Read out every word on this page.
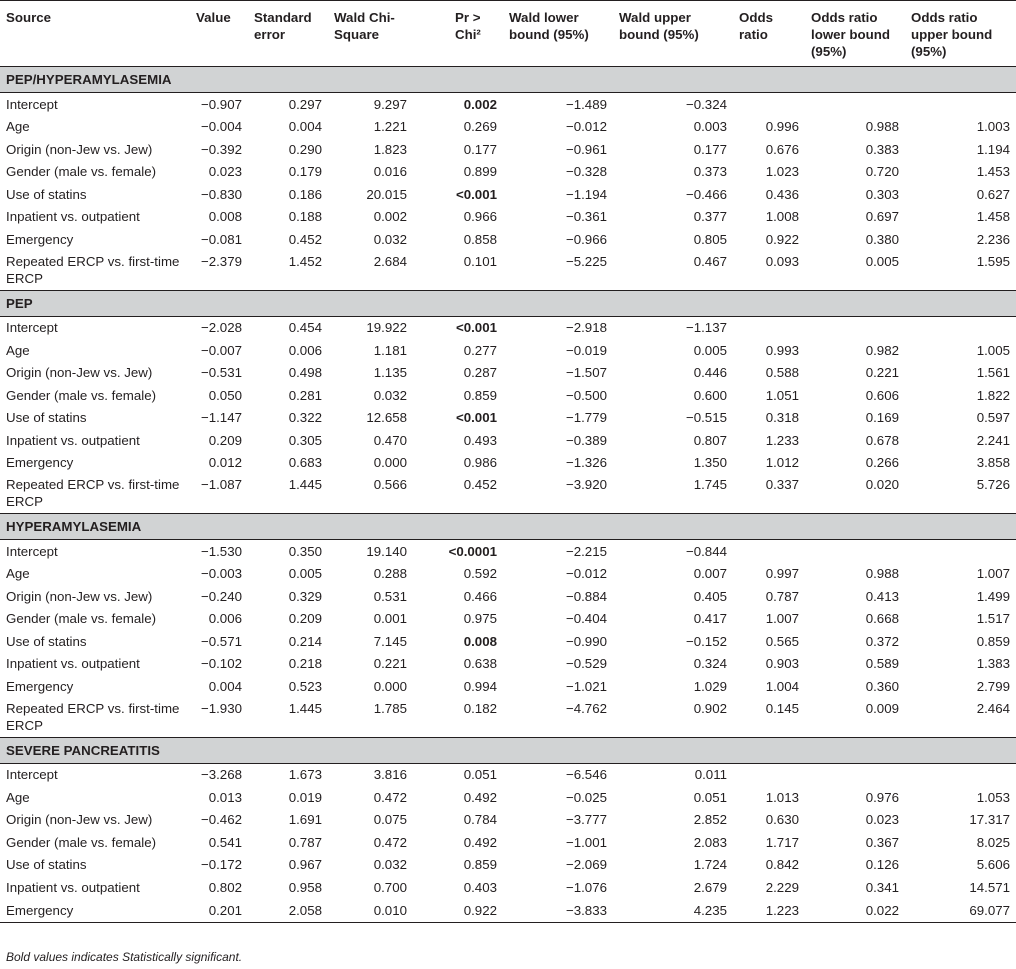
Source	Value	Standard error	Wald Chi-Square	Pr > Chi²	Wald lower bound (95%)	Wald upper bound (95%)	Odds ratio	Odds ratio lower bound (95%)	Odds ratio upper bound (95%)
PEP/HYPERAMYLASEMIA									
Intercept	−0.907	0.297	9.297	0.002	−1.489	−0.324			
Age	−0.004	0.004	1.221	0.269	−0.012	0.003	0.996	0.988	1.003
Origin (non-Jew vs. Jew)	−0.392	0.290	1.823	0.177	−0.961	0.177	0.676	0.383	1.194
Gender (male vs. female)	0.023	0.179	0.016	0.899	−0.328	0.373	1.023	0.720	1.453
Use of statins	−0.830	0.186	20.015	<0.001	−1.194	−0.466	0.436	0.303	0.627
Inpatient vs. outpatient	0.008	0.188	0.002	0.966	−0.361	0.377	1.008	0.697	1.458
Emergency	−0.081	0.452	0.032	0.858	−0.966	0.805	0.922	0.380	2.236
Repeated ERCP vs. first-time ERCP	−2.379	1.452	2.684	0.101	−5.225	0.467	0.093	0.005	1.595
PEP									
Intercept	−2.028	0.454	19.922	<0.001	−2.918	−1.137			
Age	−0.007	0.006	1.181	0.277	−0.019	0.005	0.993	0.982	1.005
Origin (non-Jew vs. Jew)	−0.531	0.498	1.135	0.287	−1.507	0.446	0.588	0.221	1.561
Gender (male vs. female)	0.050	0.281	0.032	0.859	−0.500	0.600	1.051	0.606	1.822
Use of statins	−1.147	0.322	12.658	<0.001	−1.779	−0.515	0.318	0.169	0.597
Inpatient vs. outpatient	0.209	0.305	0.470	0.493	−0.389	0.807	1.233	0.678	2.241
Emergency	0.012	0.683	0.000	0.986	−1.326	1.350	1.012	0.266	3.858
Repeated ERCP vs. first-time ERCP	−1.087	1.445	0.566	0.452	−3.920	1.745	0.337	0.020	5.726
HYPERAMYLASEMIA									
Intercept	−1.530	0.350	19.140	<0.0001	−2.215	−0.844			
Age	−0.003	0.005	0.288	0.592	−0.012	0.007	0.997	0.988	1.007
Origin (non-Jew vs. Jew)	−0.240	0.329	0.531	0.466	−0.884	0.405	0.787	0.413	1.499
Gender (male vs. female)	0.006	0.209	0.001	0.975	−0.404	0.417	1.007	0.668	1.517
Use of statins	−0.571	0.214	7.145	0.008	−0.990	−0.152	0.565	0.372	0.859
Inpatient vs. outpatient	−0.102	0.218	0.221	0.638	−0.529	0.324	0.903	0.589	1.383
Emergency	0.004	0.523	0.000	0.994	−1.021	1.029	1.004	0.360	2.799
Repeated ERCP vs. first-time ERCP	−1.930	1.445	1.785	0.182	−4.762	0.902	0.145	0.009	2.464
SEVERE PANCREATITIS									
Intercept	−3.268	1.673	3.816	0.051	−6.546	0.011			
Age	0.013	0.019	0.472	0.492	−0.025	0.051	1.013	0.976	1.053
Origin (non-Jew vs. Jew)	−0.462	1.691	0.075	0.784	−3.777	2.852	0.630	0.023	17.317
Gender (male vs. female)	0.541	0.787	0.472	0.492	−1.001	2.083	1.717	0.367	8.025
Use of statins	−0.172	0.967	0.032	0.859	−2.069	1.724	0.842	0.126	5.606
Inpatient vs. outpatient	0.802	0.958	0.700	0.403	−1.076	2.679	2.229	0.341	14.571
Emergency	0.201	2.058	0.010	0.922	−3.833	4.235	1.223	0.022	69.077
Bold values indicates Statistically significant.
